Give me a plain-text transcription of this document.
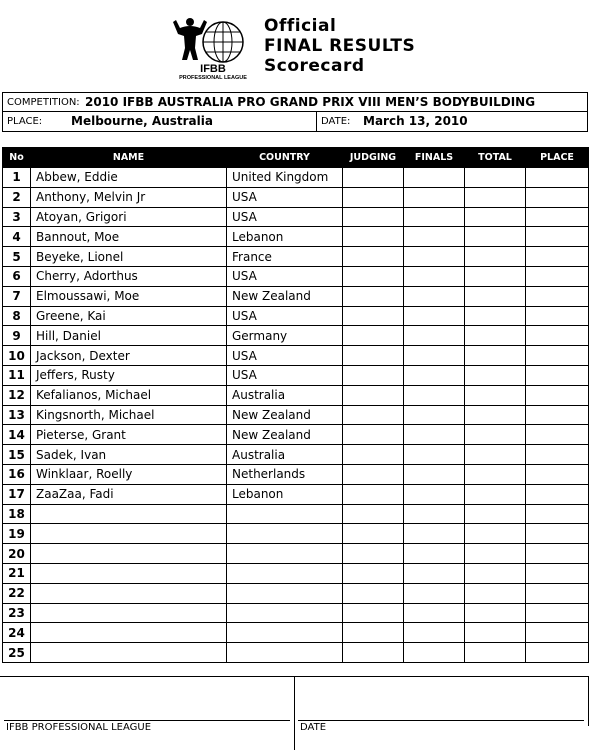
IFBB
PROFESSIONAL LEAGUE
Official
FINAL RESULTS
Scorecard
COMPETITION: 2010 IFBB AUSTRALIA PRO GRAND PRIX VIII MEN’S BODYBUILDING
PLACE: Melbourne, Australia	DATE: March 13, 2010
No	NAME	COUNTRY	JUDGING	FINALS	TOTAL	PLACE
1	Abbew, Eddie	United Kingdom				
2	Anthony, Melvin Jr	USA				
3	Atoyan, Grigori	USA				
4	Bannout, Moe	Lebanon				
5	Beyeke, Lionel	France				
6	Cherry, Adorthus	USA				
7	Elmoussawi, Moe	New Zealand				
8	Greene, Kai	USA				
9	Hill, Daniel	Germany				
10	Jackson, Dexter	USA				
11	Jeffers, Rusty	USA				
12	Kefalianos, Michael	Australia				
13	Kingsnorth, Michael	New Zealand				
14	Pieterse, Grant	New Zealand				
15	Sadek, Ivan	Australia				
16	Winklaar, Roelly	Netherlands				
17	ZaaZaa, Fadi	Lebanon				
18						
19						
20						
21						
22						
23						
24						
25						
IFBB PROFESSIONAL LEAGUE	DATE
